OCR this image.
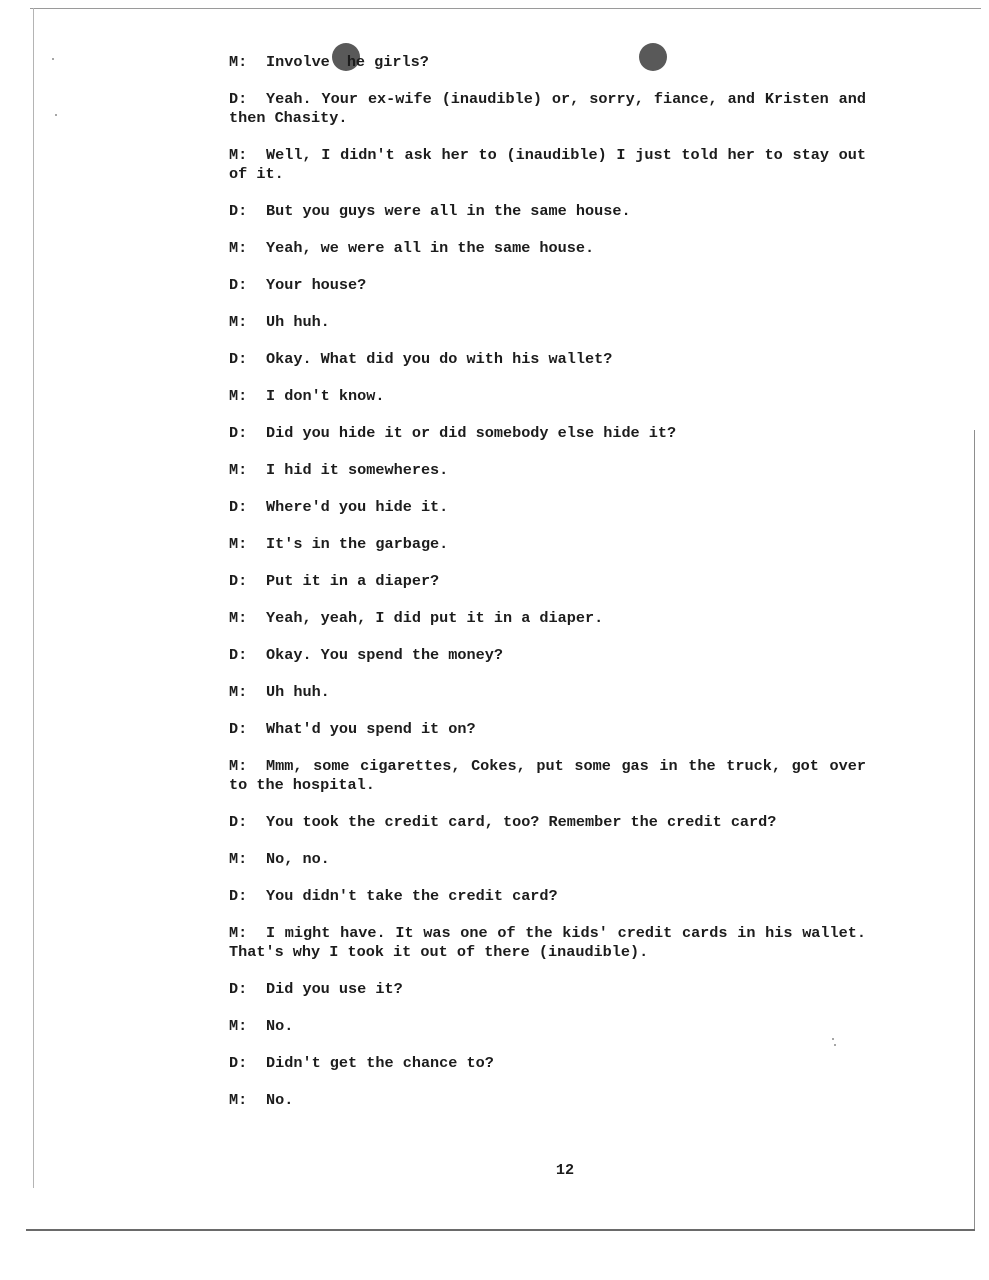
M: Involve he girls?

D: Yeah. Your ex-wife (inaudible) or, sorry, fiance, and Kristen and then Chasity.

M: Well, I didn't ask her to (inaudible) I just told her to stay out of it.

D: But you guys were all in the same house.

M: Yeah, we were all in the same house.

D: Your house?

M: Uh huh.

D: Okay. What did you do with his wallet?

M: I don't know.

D: Did you hide it or did somebody else hide it?

M: I hid it somewheres.

D: Where'd you hide it.

M: It's in the garbage.

D: Put it in a diaper?

M: Yeah, yeah, I did put it in a diaper.

D: Okay. You spend the money?

M: Uh huh.

D: What'd you spend it on?

M: Mmm, some cigarettes, Cokes, put some gas in the truck, got over to the hospital.

D: You took the credit card, too? Remember the credit card?

M: No, no.

D: You didn't take the credit card?

M: I might have. It was one of the kids' credit cards in his wallet. That's why I took it out of there (inaudible).

D: Did you use it?

M: No.

D: Didn't get the chance to?

M: No.

12
